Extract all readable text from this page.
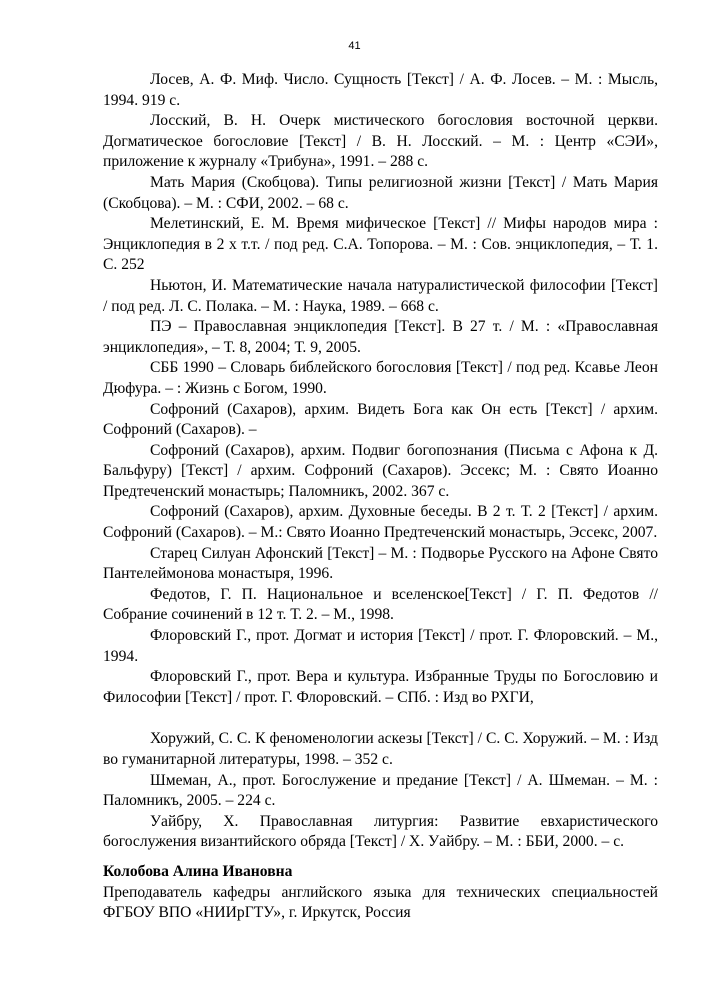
41

Лосев, А. Ф. Миф. Число. Сущность [Текст] / А. Ф. Лосев. – М. : Мысль, 1994. 919 с.

Лосский, В. Н. Очерк мистического богословия восточной церкви. Догматическое богословие [Текст] / В. Н. Лосский. – М. : Центр «СЭИ», приложение к журналу «Трибуна», 1991. – 288 с.

Мать Мария (Скобцова). Типы религиозной жизни [Текст] / Мать Мария (Скобцова). – М. : СФИ, 2002. – 68 с.

Мелетинский, Е. М. Время мифическое [Текст] // Мифы народов мира : Энциклопедия в 2 х т.т. / под ред. С.А. Топорова. – М. : Сов. энциклопедия, – Т. 1. С. 252

Ньютон, И. Математические начала натуралистической философии [Текст] / под ред. Л. С. Полака. – М. : Наука, 1989. – 668 с.

ПЭ – Православная энциклопедия [Текст]. В 27 т. / М. : «Православная энциклопедия», – Т. 8, 2004; Т. 9, 2005.

СББ 1990 – Словарь библейского богословия [Текст] / под ред. Ксавье Леон Дюфура. – : Жизнь с Богом, 1990.

Софроний (Сахаров), архим. Видеть Бога как Он есть [Текст] / архим. Софроний (Сахаров). –

Софроний (Сахаров), архим. Подвиг богопознания (Письма с Афона к Д. Бальфуру) [Текст] / архим. Софроний (Сахаров). Эссекс; М. : Свято Иоанно Предтеченский монастырь; Паломникъ, 2002. 367 с.

Софроний (Сахаров), архим. Духовные беседы. В 2 т. Т. 2 [Текст] / архим. Софроний (Сахаров). – М.: Свято Иоанно Предтеченский монастырь, Эссекс, 2007.

Старец Силуан Афонский [Текст] – М. : Подворье Русского на Афоне Свято Пантелеймонова монастыря, 1996.

Федотов, Г. П. Национальное и вселенское[Текст] / Г. П. Федотов // Собрание сочинений в 12 т. Т. 2. – М., 1998.

Флоровский Г., прот. Догмат и история [Текст] / прот. Г. Флоровский. – М., 1994.

Флоровский Г., прот. Вера и культура. Избранные Труды по Богословию и Философии [Текст] / прот. Г. Флоровский. – СПб. : Изд во РХГИ,

Хоружий, С. С. К феноменологии аскезы [Текст] / С. С. Хоружий. – М. : Изд во гуманитарной литературы, 1998. – 352 с.

Шмеман, А., прот. Богослужение и предание [Текст] / А. Шмеман. – М. : Паломникъ, 2005. – 224 с.

Уайбру, Х. Православная литургия: Развитие евхаристического богослужения византийского обряда [Текст] / Х. Уайбру. – М. : ББИ, 2000. – с.

Колобова Алина Ивановна

Преподаватель кафедры английского языка для технических специальностей ФГБОУ ВПО «НИИрГТУ», г. Иркутск, Россия
